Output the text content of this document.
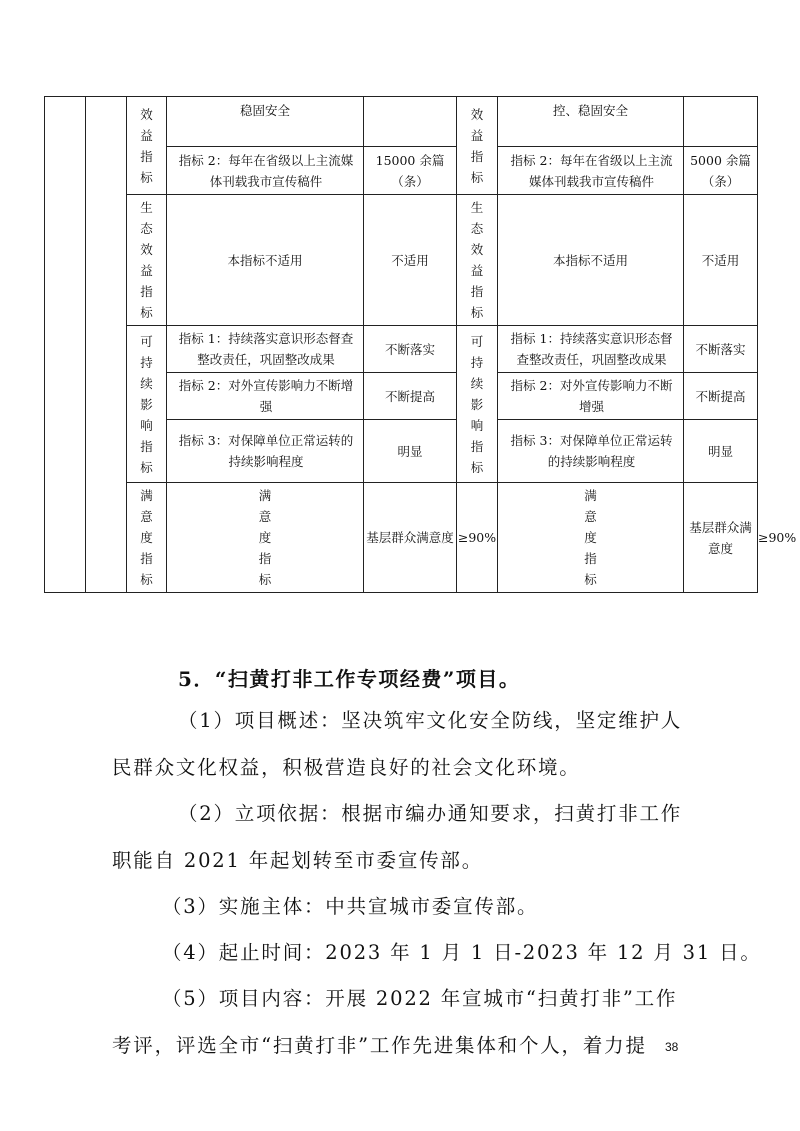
		效益指标	稳固安全		效益指标	控、稳固安全		
			指标 2：每年在省级以上主流媒体刊载我市宣传稿件	15000 余篇（条）		指标 2：每年在省级以上主流媒体刊载我市宣传稿件	5000 余篇（条）	
		生态效益指标	本指标不适用	不适用	生态效益指标	本指标不适用	不适用	
		可持续影响指标	指标 1：持续落实意识形态督查整改责任，巩固整改成果	不断落实	可持续影响指标	指标 1：持续落实意识形态督查整改责任，巩固整改成果	不断落实	
			指标 2：对外宣传影响力不断增强	不断提高		指标 2：对外宣传影响力不断增强	不断提高	
			指标 3：对保障单位正常运转的持续影响程度	明显		指标 3：对保障单位正常运转的持续影响程度	明显	
		满意度指标	满意度指标	基层群众满意度	≥90%	满意度指标	基层群众满意度	≥90%

5．“扫黄打非工作专项经费”项目。

（1）项目概述：坚决筑牢文化安全防线，坚定维护人

民群众文化权益，积极营造良好的社会文化环境。

（2）立项依据：根据市编办通知要求，扫黄打非工作

职能自 2021 年起划转至市委宣传部。

（3）实施主体：中共宣城市委宣传部。

（4）起止时间：2023 年 1 月 1 日-2023 年 12 月 31 日。

（5）项目内容：开展 2022 年宣城市“扫黄打非”工作

考评，评选全市“扫黄打非”工作先进集体和个人，着力提 38
